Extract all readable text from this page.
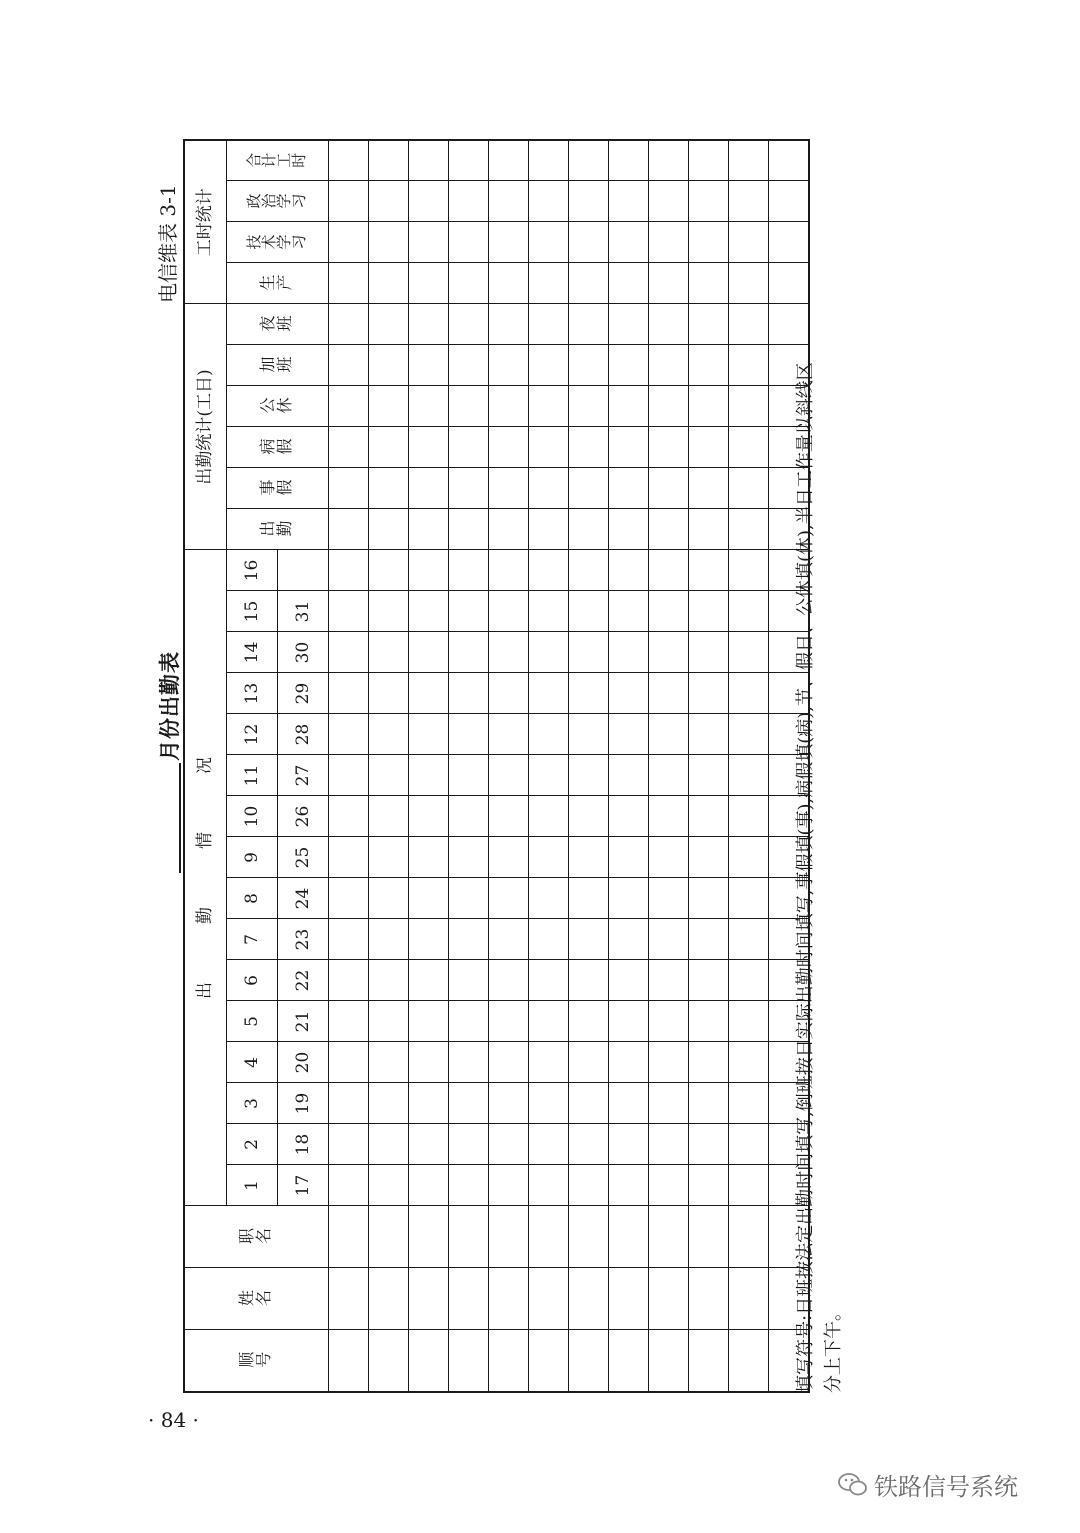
月份出勤表
电信维表 3-1
顺号	姓名	职名	出勤情况																出勤统计(工日)						工时统计			
			1	2	3	4	5	6	7	8	9	10	11	12	13	14	15	16	出勤	事假	病假	公休	加班	夜班	生产	技术学习	政治学习	合计工时
			17	18	19	20	21	22	23	24	25	26	27	28	29	30	31											

																													填写符号:日班按法定出勤时间填写,倒班按日实际出勤时间填写,事假填(事),病假填(病),节、假日、公休填(休),半日工作量以斜线区 分上下午。
· 84 ·
铁路信号系统
